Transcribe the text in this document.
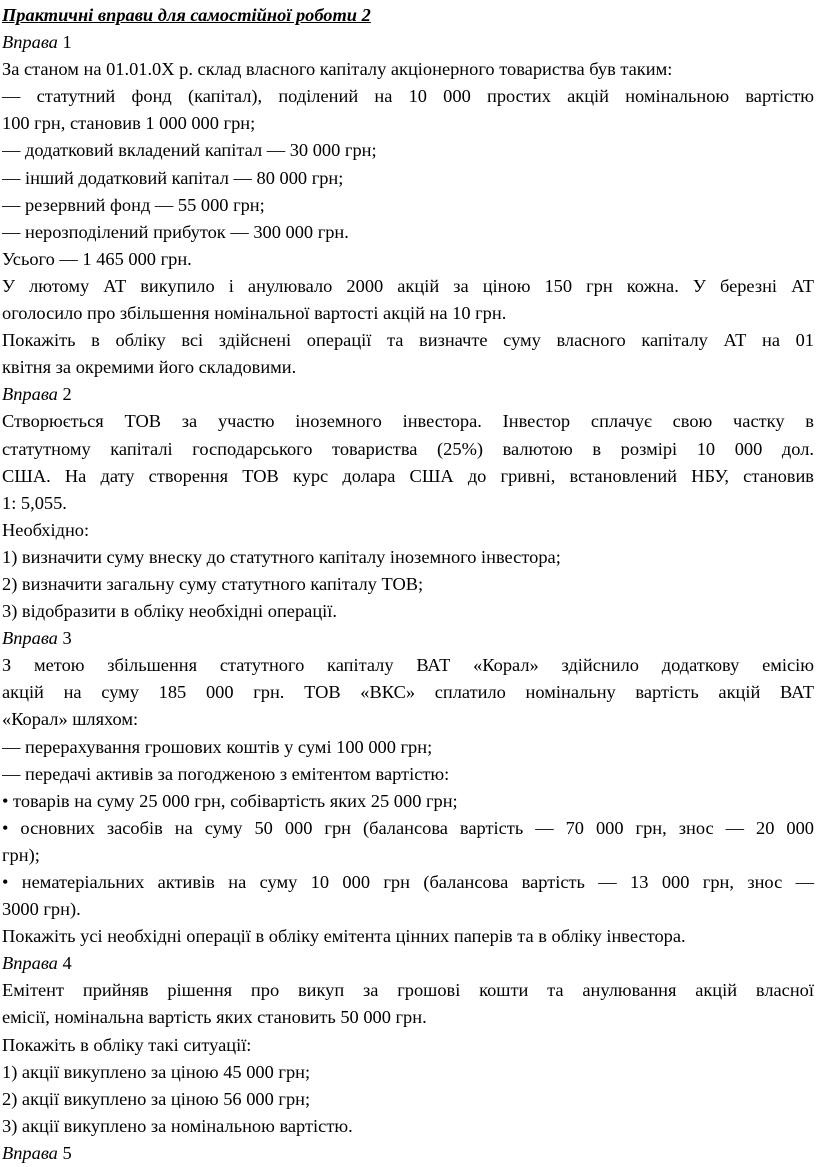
Практичні вправи для самостійної роботи 2
Вправа 1
За станом на 01.01.0Х р. склад власного капіталу акціонерного товариства був таким:
— статутний фонд (капітал), поділений на 10 000 простих акцій номінальною вартістю
100 грн, становив 1 000 000 грн;
— додатковий вкладений капітал — 30 000 грн;
— інший додатковий капітал — 80 000 грн;
— резервний фонд — 55 000 грн;
— нерозподілений прибуток — 300 000 грн.
Усього — 1 465 000 грн.
У лютому АТ викупило і анулювало 2000 акцій за ціною 150 грн кожна. У березні АТ
оголосило про збільшення номінальної вартості акцій на 10 грн.
Покажіть в обліку всі здійснені операції та визначте суму власного капіталу АТ на 01
квітня за окремими його складовими.
Вправа 2
Створюється ТОВ за участю іноземного інвестора. Інвестор сплачує свою частку в
статутному капіталі господарського товариства (25%) валютою в розмірі 10 000 дол.
США. На дату створення ТОВ курс долара США до гривні, встановлений НБУ, становив
1: 5,055.
Необхідно:
1) визначити суму внеску до статутного капіталу іноземного інвестора;
2) визначити загальну суму статутного капіталу ТОВ;
3) відобразити в обліку необхідні операції.
Вправа 3
З метою збільшення статутного капіталу ВАТ «Корал» здійснило додаткову емісію
акцій на суму 185 000 грн. ТОВ «ВКС» сплатило номінальну вартість акцій ВАТ
«Корал» шляхом:
— перерахування грошових коштів у сумі 100 000 грн;
— передачі активів за погодженою з емітентом вартістю:
• товарів на суму 25 000 грн, собівартість яких 25 000 грн;
• основних засобів на суму 50 000 грн (балансова вартість — 70 000 грн, знос — 20 000
грн);
• нематеріальних активів на суму 10 000 грн (балансова вартість — 13 000 грн, знос —
3000 грн).
Покажіть усі необхідні операції в обліку емітента цінних паперів та в обліку інвестора.
Вправа 4
Емітент прийняв рішення про викуп за грошові кошти та анулювання акцій власної
емісії, номінальна вартість яких становить 50 000 грн.
Покажіть в обліку такі ситуації:
1) акції викуплено за ціною 45 000 грн;
2) акції викуплено за ціною 56 000 грн;
3) акції викуплено за номінальною вартістю.
Вправа 5
